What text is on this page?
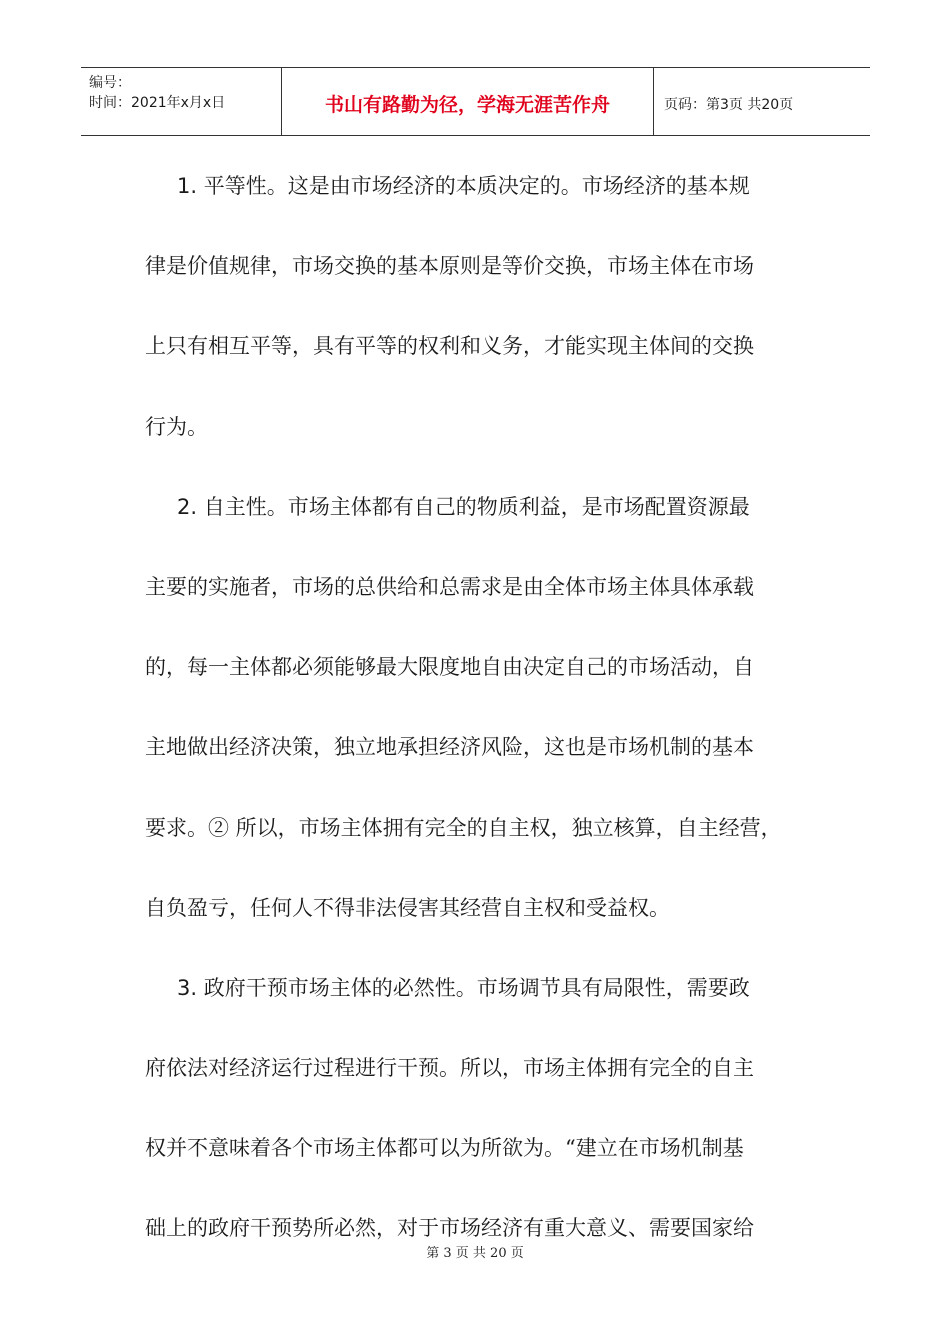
编号：
时间：2021年x月x日	书山有路勤为径，学海无涯苦作舟	页码：第3页 共20页
1. 平等性。这是由市场经济的本质决定的。市场经济的基本规
律是价值规律，市场交换的基本原则是等价交换，市场主体在市场
上只有相互平等，具有平等的权利和义务，才能实现主体间的交换
行为。
2. 自主性。市场主体都有自己的物质利益，是市场配置资源最
主要的实施者，市场的总供给和总需求是由全体市场主体具体承载
的，每一主体都必须能够最大限度地自由决定自己的市场活动，自
主地做出经济决策，独立地承担经济风险，这也是市场机制的基本
要求。② 所以，市场主体拥有完全的自主权，独立核算，自主经营，
自负盈亏，任何人不得非法侵害其经营自主权和受益权。
3. 政府干预市场主体的必然性。市场调节具有局限性，需要政
府依法对经济运行过程进行干预。所以，市场主体拥有完全的自主
权并不意味着各个市场主体都可以为所欲为。“建立在市场机制基
础上的政府干预势所必然，对于市场经济有重大意义、需要国家给
第 3 页 共 20 页
